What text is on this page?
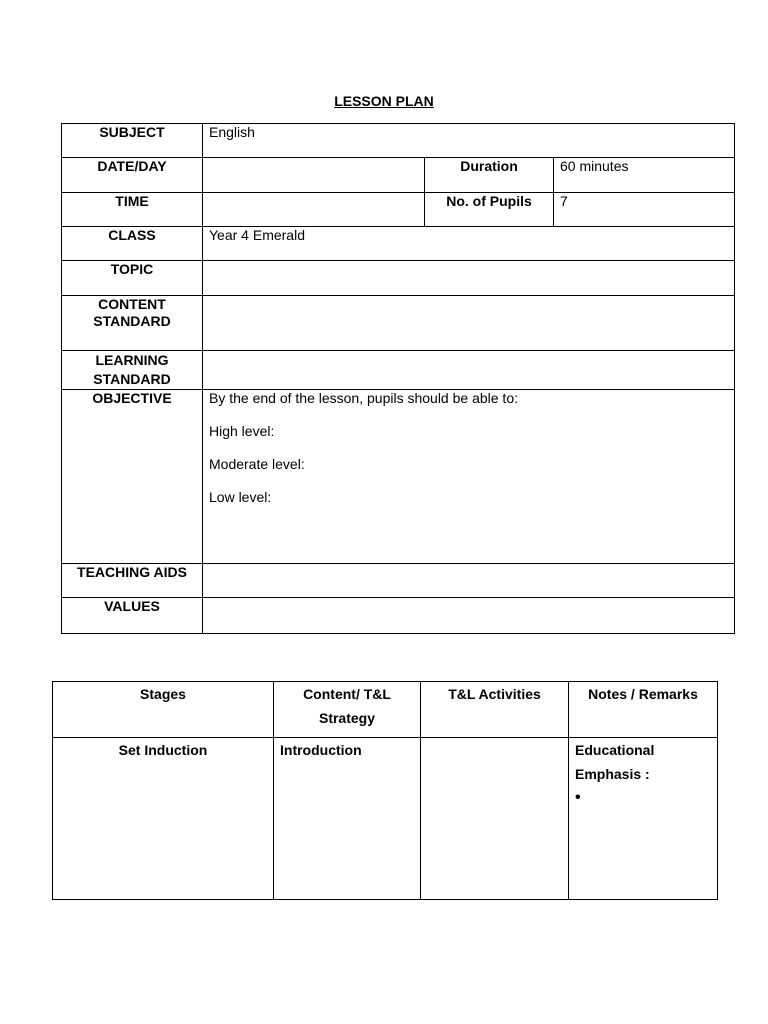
LESSON PLAN
SUBJECT	English		
DATE/DAY		Duration	60 minutes
TIME		No. of Pupils	7
CLASS	Year 4 Emerald		
TOPIC			

CONTENT
STANDARD			

LEARNING
STANDARD			

OBJECTIVE	By the end of the lesson, pupils should be able to:
High level:
Moderate level:
Low level:		

TEACHING AIDS			
VALUES			
Stages	Content/ T&L Strategy	T&L Activities	Notes / Remarks
Set Induction	Introduction		Educational Emphasis :
•
